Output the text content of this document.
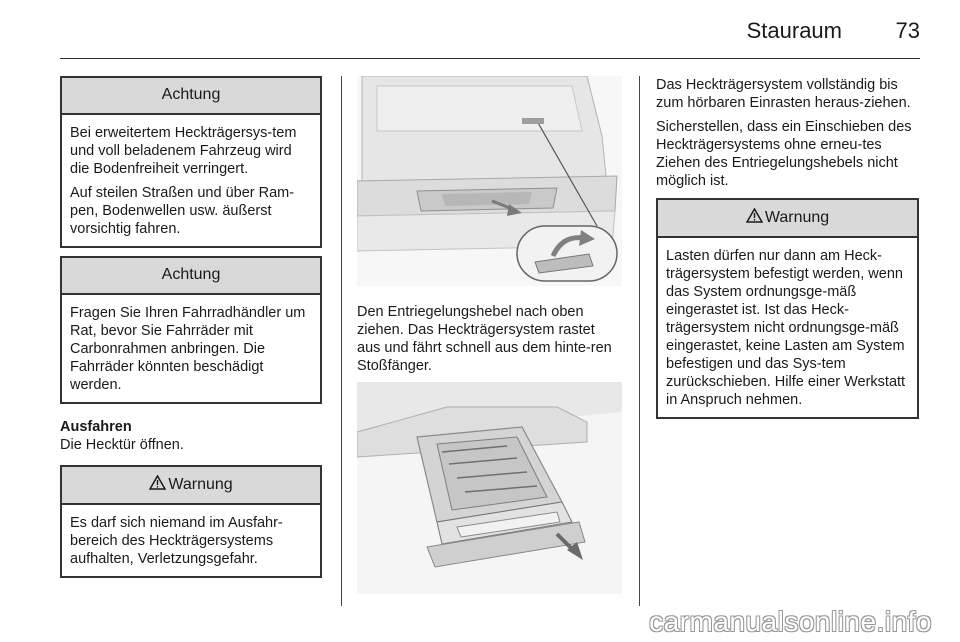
Stauraum 73
Achtung

Bei erweitertem Heckträgersys-tem und voll beladenem Fahrzeug wird die Bodenfreiheit verringert.

Auf steilen Straßen und über Ram-pen, Bodenwellen usw. äußerst vorsichtig fahren.

Achtung

Fragen Sie Ihren Fahrradhändler um Rat, bevor Sie Fahrräder mit Carbonrahmen anbringen. Die Fahrräder könnten beschädigt werden.

Ausfahren
Die Hecktür öffnen.
Warnung
Es darf sich niemand im Ausfahr-bereich des Heckträgersystems aufhalten, Verletzungsgefahr.
Den Entriegelungshebel nach oben ziehen. Das Heckträgersystem rastet aus und fährt schnell aus dem hinte-ren Stoßfänger.

Das Heckträgersystem vollständig bis zum hörbaren Einrasten heraus-ziehen.

Sicherstellen, dass ein Einschieben des Heckträgersystems ohne erneu-tes Ziehen des Entriegelungshebels nicht möglich ist.

Warnung
Lasten dürfen nur dann am Heck-trägersystem befestigt werden, wenn das System ordnungsge-mäß eingerastet ist. Ist das Heck-trägersystem nicht ordnungsge-mäß eingerastet, keine Lasten am System befestigen und das Sys-tem zurückschieben. Hilfe einer Werkstatt in Anspruch nehmen.
carmanualsonline.info
